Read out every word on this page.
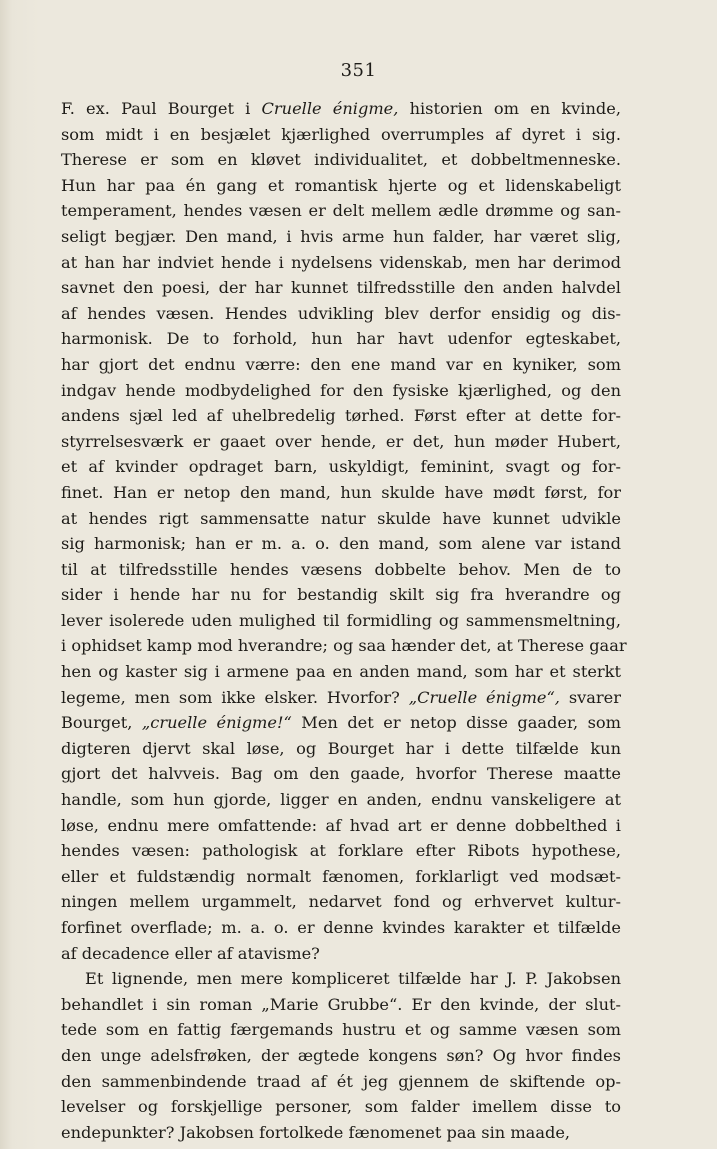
351
F. ex. Paul Bourget i Cruelle énigme, historien om en kvinde,
som midt i en besjælet kjærlighed overrumples af dyret i sig.
Therese er som en kløvet individualitet, et dobbeltmenneske.
Hun har paa én gang et romantisk hjerte og et lidenskabeligt
temperament, hendes væsen er delt mellem ædle drømme og san-
seligt begjær. Den mand, i hvis arme hun falder, har været slig,
at han har indviet hende i nydelsens videnskab, men har derimod
savnet den poesi, der har kunnet tilfredsstille den anden halvdel
af hendes væsen. Hendes udvikling blev derfor ensidig og dis-
harmonisk. De to forhold, hun har havt udenfor egteskabet,
har gjort det endnu værre: den ene mand var en kyniker, som
indgav hende modbydelighed for den fysiske kjærlighed, og den
andens sjæl led af uhelbredelig tørhed. Først efter at dette for-
styrrelsesværk er gaaet over hende, er det, hun møder Hubert,
et af kvinder opdraget barn, uskyldigt, feminint, svagt og for-
finet. Han er netop den mand, hun skulde have mødt først, for
at hendes rigt sammensatte natur skulde have kunnet udvikle
sig harmonisk; han er m. a. o. den mand, som alene var istand
til at tilfredsstille hendes væsens dobbelte behov. Men de to
sider i hende har nu for bestandig skilt sig fra hverandre og
lever isolerede uden mulighed til formidling og sammensmeltning,
i ophidset kamp mod hverandre; og saa hænder det, at Therese gaar
hen og kaster sig i armene paa en anden mand, som har et sterkt
legeme, men som ikke elsker. Hvorfor? „Cruelle énigme“, svarer
Bourget, „cruelle énigme!“ Men det er netop disse gaader, som
digteren djervt skal løse, og Bourget har i dette tilfælde kun
gjort det halvveis. Bag om den gaade, hvorfor Therese maatte
handle, som hun gjorde, ligger en anden, endnu vanskeligere at
løse, endnu mere omfattende: af hvad art er denne dobbelthed i
hendes væsen: pathologisk at forklare efter Ribots hypothese,
eller et fuldstændig normalt fænomen, forklarligt ved modsæt-
ningen mellem urgammelt, nedarvet fond og erhvervet kultur-
forfinet overflade; m. a. o. er denne kvindes karakter et tilfælde
af decadence eller af atavisme?
Et lignende, men mere kompliceret tilfælde har J. P. Jakobsen
behandlet i sin roman „Marie Grubbe“. Er den kvinde, der slut-
tede som en fattig færgemands hustru et og samme væsen som
den unge adelsfrøken, der ægtede kongens søn? Og hvor findes
den sammenbindende traad af ét jeg gjennem de skiftende op-
levelser og forskjellige personer, som falder imellem disse to
endepunkter? Jakobsen fortolkede fænomenet paa sin maade,
